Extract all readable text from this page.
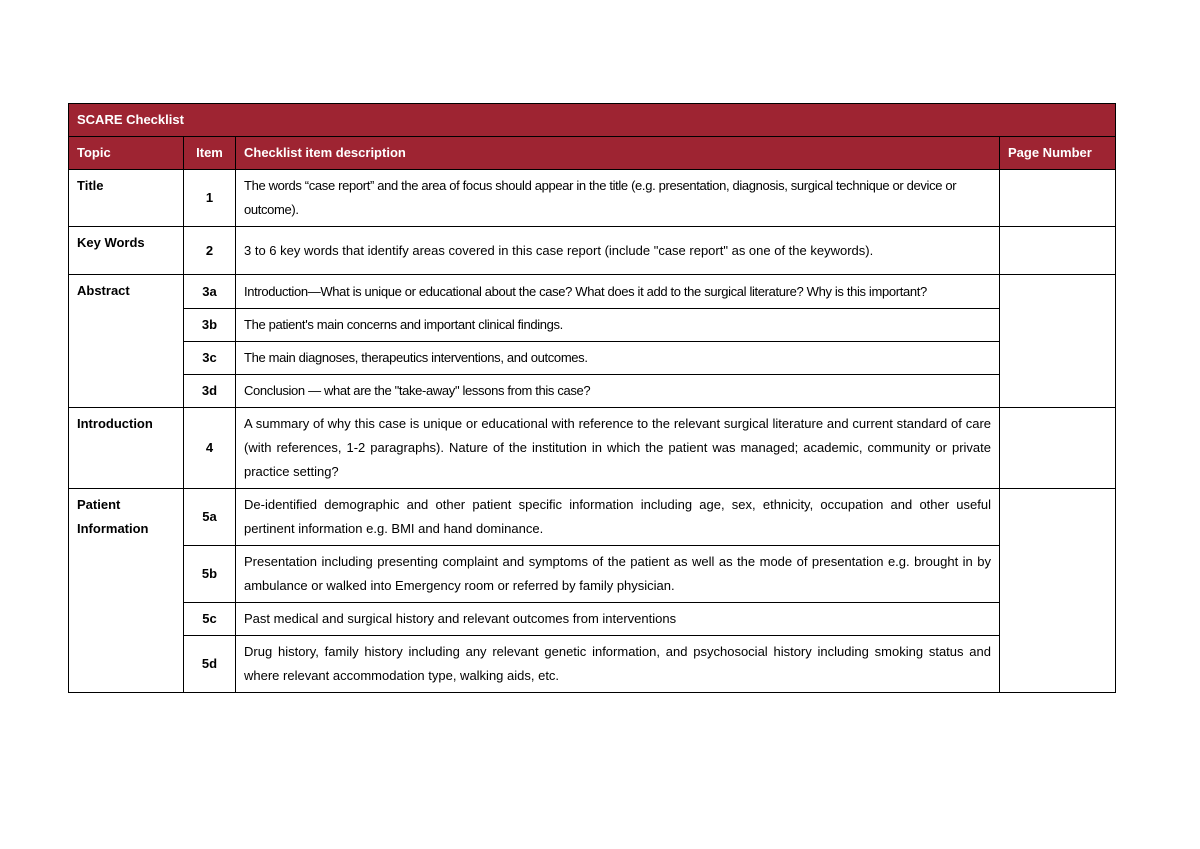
SCARE Checklist			
Topic	Item	Checklist item description	Page Number
Title	1	The words “case report” and the area of focus should appear in the title (e.g. presentation, diagnosis, surgical technique or device or outcome).	
Key Words	2	3 to 6 key words that identify areas covered in this case report (include "case report" as one of the keywords).	
Abstract	3a	Introduction—What is unique or educational about the case? What does it add to the surgical literature? Why is this important?	
	3b	The patient's main concerns and important clinical findings.	
	3c	The main diagnoses, therapeutics interventions, and outcomes.	
	3d	Conclusion — what are the "take-away" lessons from this case?	
Introduction	4	A summary of why this case is unique or educational with reference to the relevant surgical literature and current standard of care (with references, 1-2 paragraphs). Nature of the institution in which the patient was managed; academic, community or private practice setting?	
Patient
Information	5a	De-identified demographic and other patient specific information including age, sex, ethnicity, occupation and other useful pertinent information e.g. BMI and hand dominance.	
	5b	Presentation including presenting complaint and symptoms of the patient as well as the mode of presentation e.g. brought in by ambulance or walked into Emergency room or referred by family physician.	
	5c	Past medical and surgical history and relevant outcomes from interventions	
	5d	Drug history, family history including any relevant genetic information, and psychosocial history including smoking status and where relevant accommodation type, walking aids, etc.	
